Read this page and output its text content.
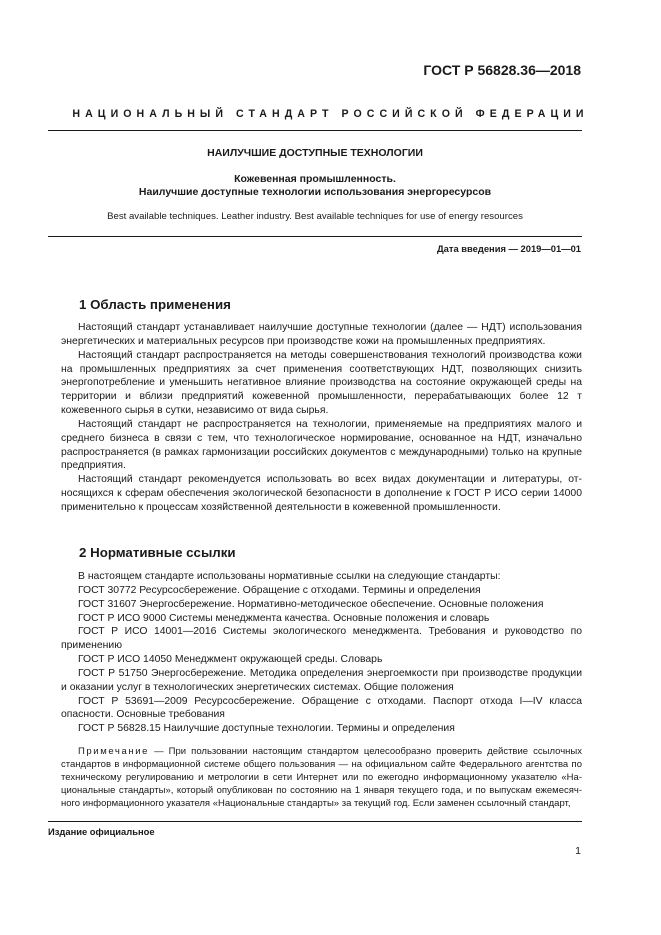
ГОСТ Р 56828.36—2018
НАЦИОНАЛЬНЫЙ СТАНДАРТ РОССИЙСКОЙ ФЕДЕРАЦИИ
НАИЛУЧШИЕ ДОСТУПНЫЕ ТЕХНОЛОГИИ
Кожевенная промышленность.
Наилучшие доступные технологии использования энергоресурсов
Best available techniques. Leather industry. Best available techniques for use of energy resources
Дата введения — 2019—01—01
1 Область применения

Настоящий стандарт устанавливает наилучшие доступные технологии (далее — НДТ) использования энергетических и материальных ресурсов при производстве кожи на промышленных предприятиях.

Настоящий стандарт распространяется на методы совершенствования технологий производства кожи на промышленных предприятиях за счет применения соответствующих НДТ, позволяющих снизить энергопотребление и уменьшить негативное влияние производства на состояние окружающей среды на территории и вблизи предприятий кожевенной промышленности, перерабатывающих более 12 т кожевенного сырья в сутки, независимо от вида сырья.

Настоящий стандарт не распространяется на технологии, применяемые на предприятиях малого и среднего бизнеса в связи с тем, что технологическое нормирование, основанное на НДТ, изначально распространяется (в рамках гармонизации российских документов с международными) только на крупные предприятия.

Настоящий стандарт рекомендуется использовать во всех видах документации и литературы, относящихся к сферам обеспечения экологической безопасности в дополнение к ГОСТ Р ИСО серии 14000 применительно к процессам хозяйственной деятельности в кожевенной промышленности.

2 Нормативные ссылки

В настоящем стандарте использованы нормативные ссылки на следующие стандарты:

ГОСТ 30772 Ресурсосбережение. Обращение с отходами. Термины и определения

ГОСТ 31607 Энергосбережение. Нормативно-методическое обеспечение. Основные положения

ГОСТ Р ИСО 9000 Системы менеджмента качества. Основные положения и словарь

ГОСТ Р ИСО 14001—2016 Системы экологического менеджмента. Требования и руководство по применению

ГОСТ Р ИСО 14050 Менеджмент окружающей среды. Словарь

ГОСТ Р 51750 Энергосбережение. Методика определения энергоемкости при производстве продукции и оказании услуг в технологических энергетических системах. Общие положения

ГОСТ Р 53691—2009 Ресурсосбережение. Обращение с отходами. Паспорт отхода I—IV класса опасности. Основные требования

ГОСТ Р 56828.15 Наилучшие доступные технологии. Термины и определения

Примечание — При пользовании настоящим стандартом целесообразно проверить действие ссылочных стандартов в информационной системе общего пользования — на официальном сайте Федерального агентства по техническому регулированию и метрологии в сети Интернет или по ежегодно информационному указателю «Национальные стандарты», который опубликован по состоянию на 1 января текущего года, и по выпускам ежемесячного информационного указателя «Национальные стандарты» за текущий год. Если заменен ссылочный стандарт,
Издание официальное
1
